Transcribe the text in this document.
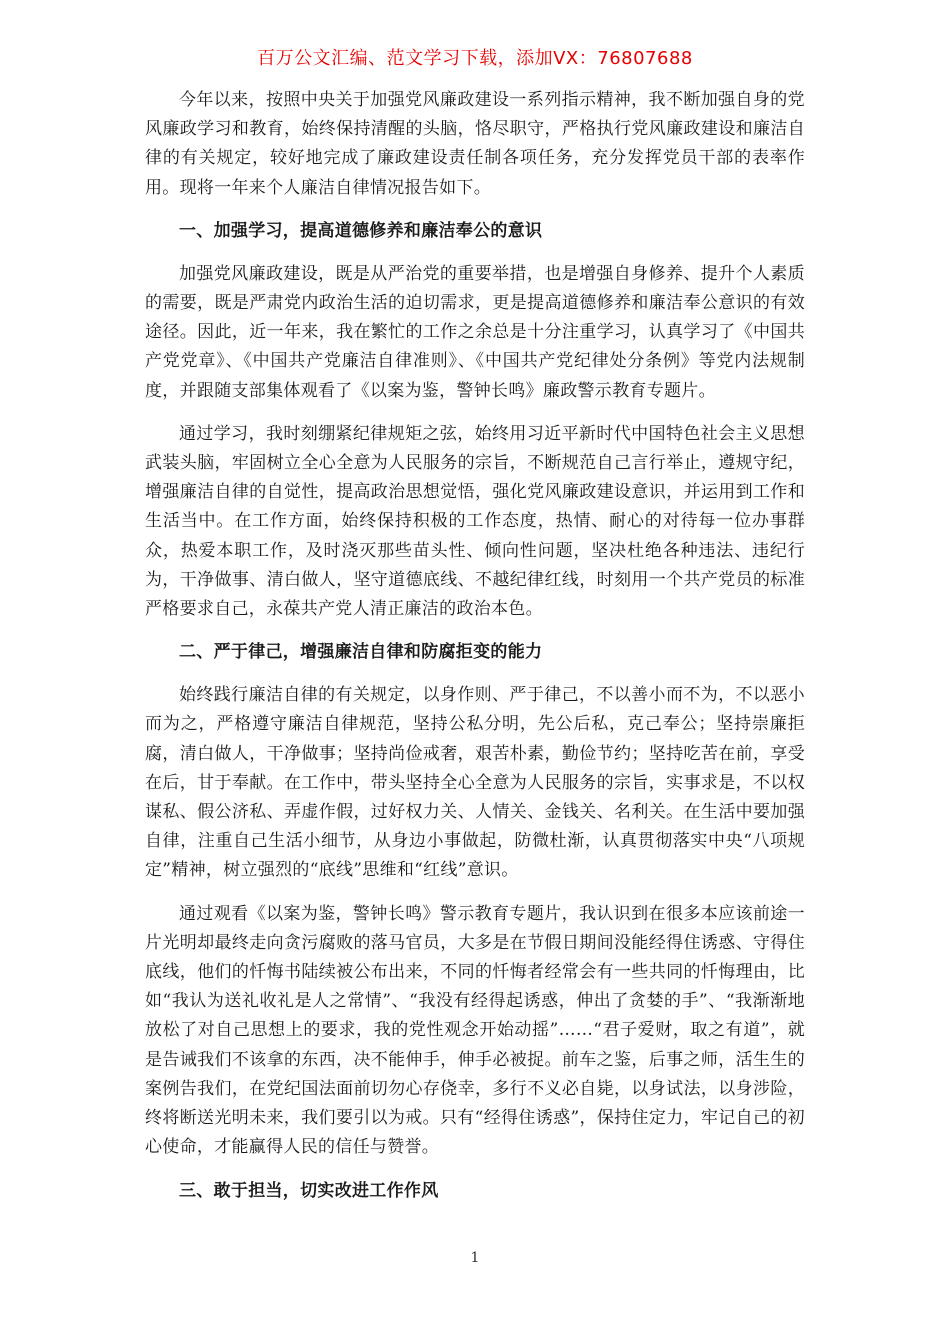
百万公文汇编、范文学习下载，添加VX：76807688

今年以来，按照中央关于加强党风廉政建设一系列指示精神，我不断加强自身的党风廉政学习和教育，始终保持清醒的头脑，恪尽职守，严格执行党风廉政建设和廉洁自律的有关规定，较好地完成了廉政建设责任制各项任务，充分发挥党员干部的表率作用。现将一年来个人廉洁自律情况报告如下。

一、加强学习，提高道德修养和廉洁奉公的意识

加强党风廉政建设，既是从严治党的重要举措，也是增强自身修养、提升个人素质的需要，既是严肃党内政治生活的迫切需求，更是提高道德修养和廉洁奉公意识的有效途径。因此，近一年来，我在繁忙的工作之余总是十分注重学习，认真学习了《中国共产党党章》、《中国共产党廉洁自律准则》、《中国共产党纪律处分条例》等党内法规制度，并跟随支部集体观看了《以案为鉴，警钟长鸣》廉政警示教育专题片。

通过学习，我时刻绷紧纪律规矩之弦，始终用习近平新时代中国特色社会主义思想武装头脑，牢固树立全心全意为人民服务的宗旨，不断规范自己言行举止，遵规守纪，增强廉洁自律的自觉性，提高政治思想觉悟，强化党风廉政建设意识，并运用到工作和生活当中。在工作方面，始终保持积极的工作态度，热情、耐心的对待每一位办事群众，热爱本职工作，及时浇灭那些苗头性、倾向性问题，坚决杜绝各种违法、违纪行为，干净做事、清白做人，坚守道德底线、不越纪律红线，时刻用一个共产党员的标准严格要求自己，永葆共产党人清正廉洁的政治本色。

二、严于律己，增强廉洁自律和防腐拒变的能力

始终践行廉洁自律的有关规定，以身作则、严于律己，不以善小而不为，不以恶小而为之，严格遵守廉洁自律规范，坚持公私分明，先公后私，克己奉公；坚持崇廉拒腐，清白做人，干净做事；坚持尚俭戒奢，艰苦朴素，勤俭节约；坚持吃苦在前，享受在后，甘于奉献。在工作中，带头坚持全心全意为人民服务的宗旨，实事求是，不以权谋私、假公济私、弄虚作假，过好权力关、人情关、金钱关、名利关。在生活中要加强自律，注重自己生活小细节，从身边小事做起，防微杜渐，认真贯彻落实中央“八项规定”精神，树立强烈的“底线”思维和“红线”意识。

通过观看《以案为鉴，警钟长鸣》警示教育专题片，我认识到在很多本应该前途一片光明却最终走向贪污腐败的落马官员，大多是在节假日期间没能经得住诱惑、守得住底线，他们的忏悔书陆续被公布出来，不同的忏悔者经常会有一些共同的忏悔理由，比如“我认为送礼收礼是人之常情”、“我没有经得起诱惑，伸出了贪婪的手”、“我渐渐地放松了对自己思想上的要求，我的党性观念开始动摇”……“君子爱财，取之有道”，就是告诫我们不该拿的东西，决不能伸手，伸手必被捉。前车之鉴，后事之师，活生生的案例告我们，在党纪国法面前切勿心存侥幸，多行不义必自毙，以身试法，以身涉险，终将断送光明未来，我们要引以为戒。只有“经得住诱惑”，保持住定力，牢记自己的初心使命，才能赢得人民的信任与赞誉。

三、敢于担当，切实改进工作作风

1
